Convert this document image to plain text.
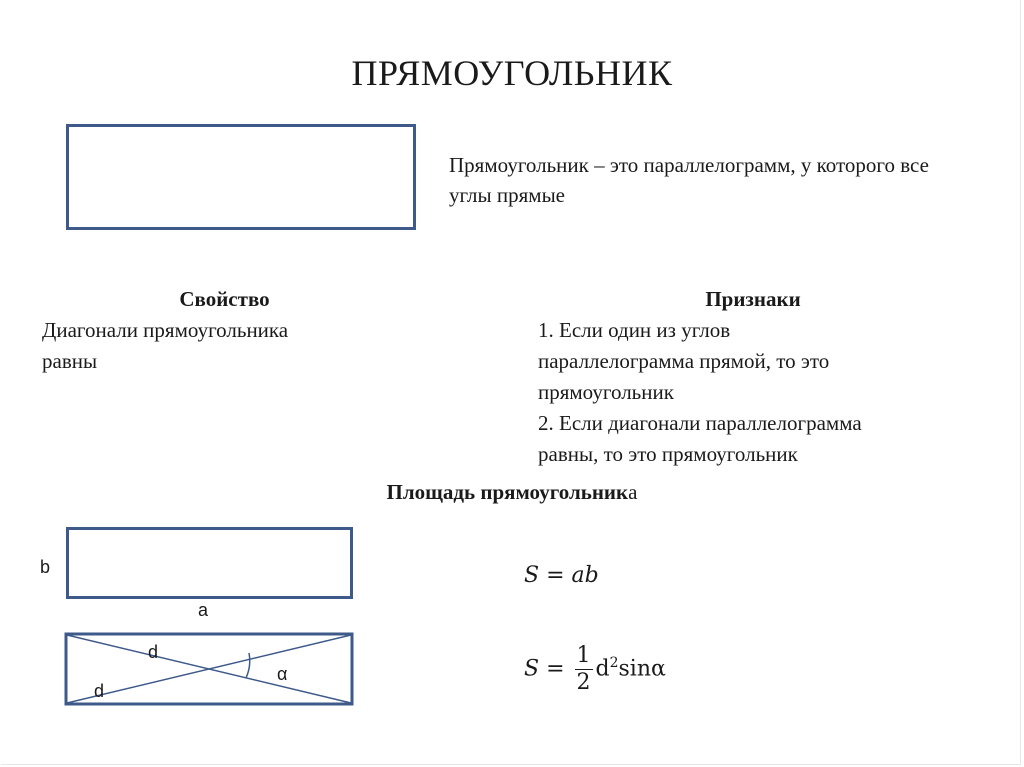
ПРЯМОУГОЛЬНИК
Прямоугольник – это параллелограмм, у которого все углы прямые
Свойство
Диагонали прямоугольника
равны
Признаки
1. Если один из углов
параллелограмма прямой, то это
прямоугольник
2. Если диагонали параллелограмма
равны, то это прямоугольник
Площадь прямоугольника
b
a
d
d
α
S = ab
$S = \frac{1}{2} d^2\sin\alpha$
